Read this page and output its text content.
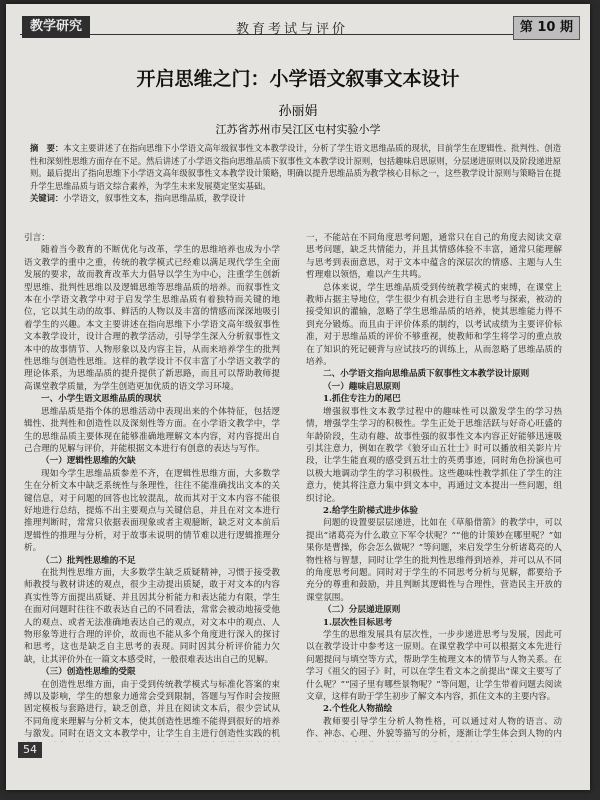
教学研究	教育考试与评价	第 10 期
开启思维之门：小学语文叙事文本设计
孙丽娟
江苏省苏州市吴江区屯村实验小学
摘　要：本文主要讲述了在指向思维下小学语文高年级叙事性文本教学设计，分析了学生语文思维品质的现状，目前学生在逻辑性、批判性、创造性和深刻性思维方面存在不足。然后讲述了小学语文指向思维品质下叙事性文本教学设计原则，包括趣味启思原则，分层递进原则以及阶段递进原则。最后提出了指向思维下小学语文高年级叙事性文本教学设计策略，明确以提升思维品质为教学核心目标之一，这些教学设计原则与策略旨在提升学生思维品质与语文综合素养，为学生未来发展奠定坚实基础。
关键词：小学语文，叙事性文本，指向思维品质，教学设计

引言：

随着当今教育的不断优化与改革，学生的思维培养也成为小学语文教学的重中之重，传统的教学模式已经难以满足现代学生全面发展的要求，故而教育改革大力倡导以学生为中心，注重学生创新型思维、批判性思维以及逻辑思维等思维品质的培养。而叙事性文本在小学语文教学中对于启发学生思维品质有着独特而关键的地位，它以其生动的故事、鲜活的人物以及丰富的情感而深深地吸引着学生的兴趣。本文主要讲述在指向思维下小学语文高年级叙事性文本教学设计，设计合理的教学活动，引导学生深入分析叙事性文本中的故事情节、人物形象以及内容主旨，从而来培养学生的批判性思维与创造性思维。这样的教学设计不仅丰富了小学语文教学的理论体系，为思维品质的提升提供了新思路，而且可以帮助教师提高课堂教学质量，为学生创造更加优质的语文学习环境。

一、小学生语文思维品质的现状

思维品质是指个体的思维活动中表现出来的个体特征，包括逻辑性、批判性和创造性以及深刻性等方面。在小学语文教学中，学生的思维品质主要体现在能够准确地理解文本内容，对内容提出自己合理的见解与评价，并能根据文本进行有创意的表达与写作。

（一）逻辑性思维的欠缺

现如今学生思维品质参差不齐，在逻辑性思维方面，大多数学生在分析文本中缺乏系统性与条理性，往往不能准确找出文本的关键信息，对于问题的回答也比较混乱，故而其对于文本内容不能很好地进行总结，提炼不出主要观点与关键信息，并且在对文本进行推理判断时，常常只依据表面现象或者主观臆断，缺乏对文本前后逻辑性的推理与分析，对于故事未说明的情节难以进行逻辑推理分析。

（二）批判性思维的不足

在批判性思维方面，大多数学生缺乏质疑精神，习惯于接受教师教授与教材讲述的观点，很少主动提出质疑，敢于对文本的内容真实性等方面提出质疑、并且因其分析能力和表达能力有限，学生在面对问题时往往不敢表达自己的不同看法，常常会被动地接受他人的观点、或者无法准确地表达自己的观点，对文本中的观点、人物形象等进行合理的评价，故而也不能从多个角度进行深入的探讨和思考，这也是缺乏自主思考的表现。同时因其分析评价能力欠缺，让其评价外在一篇文本感受时，一般很难表达出自己的见解。

（三）创造性思维的受限

在创造性思维方面，由于受到传统教学模式与标准化答案的束缚以及影响，学生的想象力通常会受到限制，答题与写作时会按照固定模板与套路进行，缺乏创意，并且在阅读文本后，很少尝试从不同角度来理解与分析文本，使其创造性思维不能得到很好的培养与激发。同时在语文文本教学中，让学生自主进行创造性实践的机

一，不能站在不同角度思考问题，通常只在自己的角度去阅读文章思考问题，缺乏共情能力，并且其情感体验不丰富，通常只能理解与思考到表面意思，对于文本中蕴含的深层次的情感、主题与人生哲理难以领悟，难以产生共鸣。

总体来说，学生思维品质受到传统教学模式的束缚，在课堂上教师占据主导地位，学生很少有机会进行自主思考与探索，被动的接受知识的灌输，忽略了学生思维品质的培养，使其思维能力得不到充分锻炼。而且由于评价体系的制约，以考试成绩为主要评价标准，对于思维品质的评价不够重视，使教师和学生将学习的重点放在了知识的死记硬背与应试技巧的训练上，从而忽略了思维品质的培养。

二、小学语文指向思维品质下叙事性文本教学设计原则

（一）趣味启思原则

1.抓住专注力的尾巴

增强叙事性文本教学过程中的趣味性可以激发学生的学习热情，增强学生学习的积极性。学生正处于思维活跃与好奇心旺盛的年龄阶段，生动有趣、故事性强的叙事性文本内容正好能够迅速吸引其注意力，例如在教学《狼牙山五壮士》时可以播放相关影片片段，让学生能直观的感受到五壮士的英勇事迹，同时角色扮演也可以极大地调动学生的学习积极性。这些趣味性教学抓住了学生的注意力，使其将注意力集中到文本中，再通过文本提出一些问题，组织讨论。

2.给学生阶梯式进步体验

问题的设置要层层递进，比如在《草船借箭》的教学中，可以提出“诸葛亮为什么敢立下军令状呢？”“他的计策妙在哪里呢？”如果你是曹操，你会怎么做呢？”等问题，来启发学生分析诸葛亮的人物性格与智慧，同时让学生的批判性思维得到培养，并可以从不同的角度思考问题。同时对于学生的不同思考分析与见解，都要给予充分的尊重和鼓励，并且判断其逻辑性与合理性，营造民主开放的课堂氛围。

（二）分层递进原则

1.层次性目标思考

学生的思维发展具有层次性，一步步递进思考与发展，因此可以在教学设计中参考这一原则。在课堂教学中可以根据文本先进行问题提问与填空等方式，帮助学生梳理文本的情节与人物关系。在学习《祖父的园子》时，可以在学生看文本之前提出“课文主要写了什么呢？”“园子里有哪些景物呢？”等问题，让学生带着问题去阅读文章，这样有助于学生初步了解文本内容，抓住文本的主要内容。

2.个性化人物描绘

教师要引导学生分析人物性格，可以通过对人物的语言、动作、神态、心理、外貌等描写的分析，逐渐让学生体会到人物的内

54
